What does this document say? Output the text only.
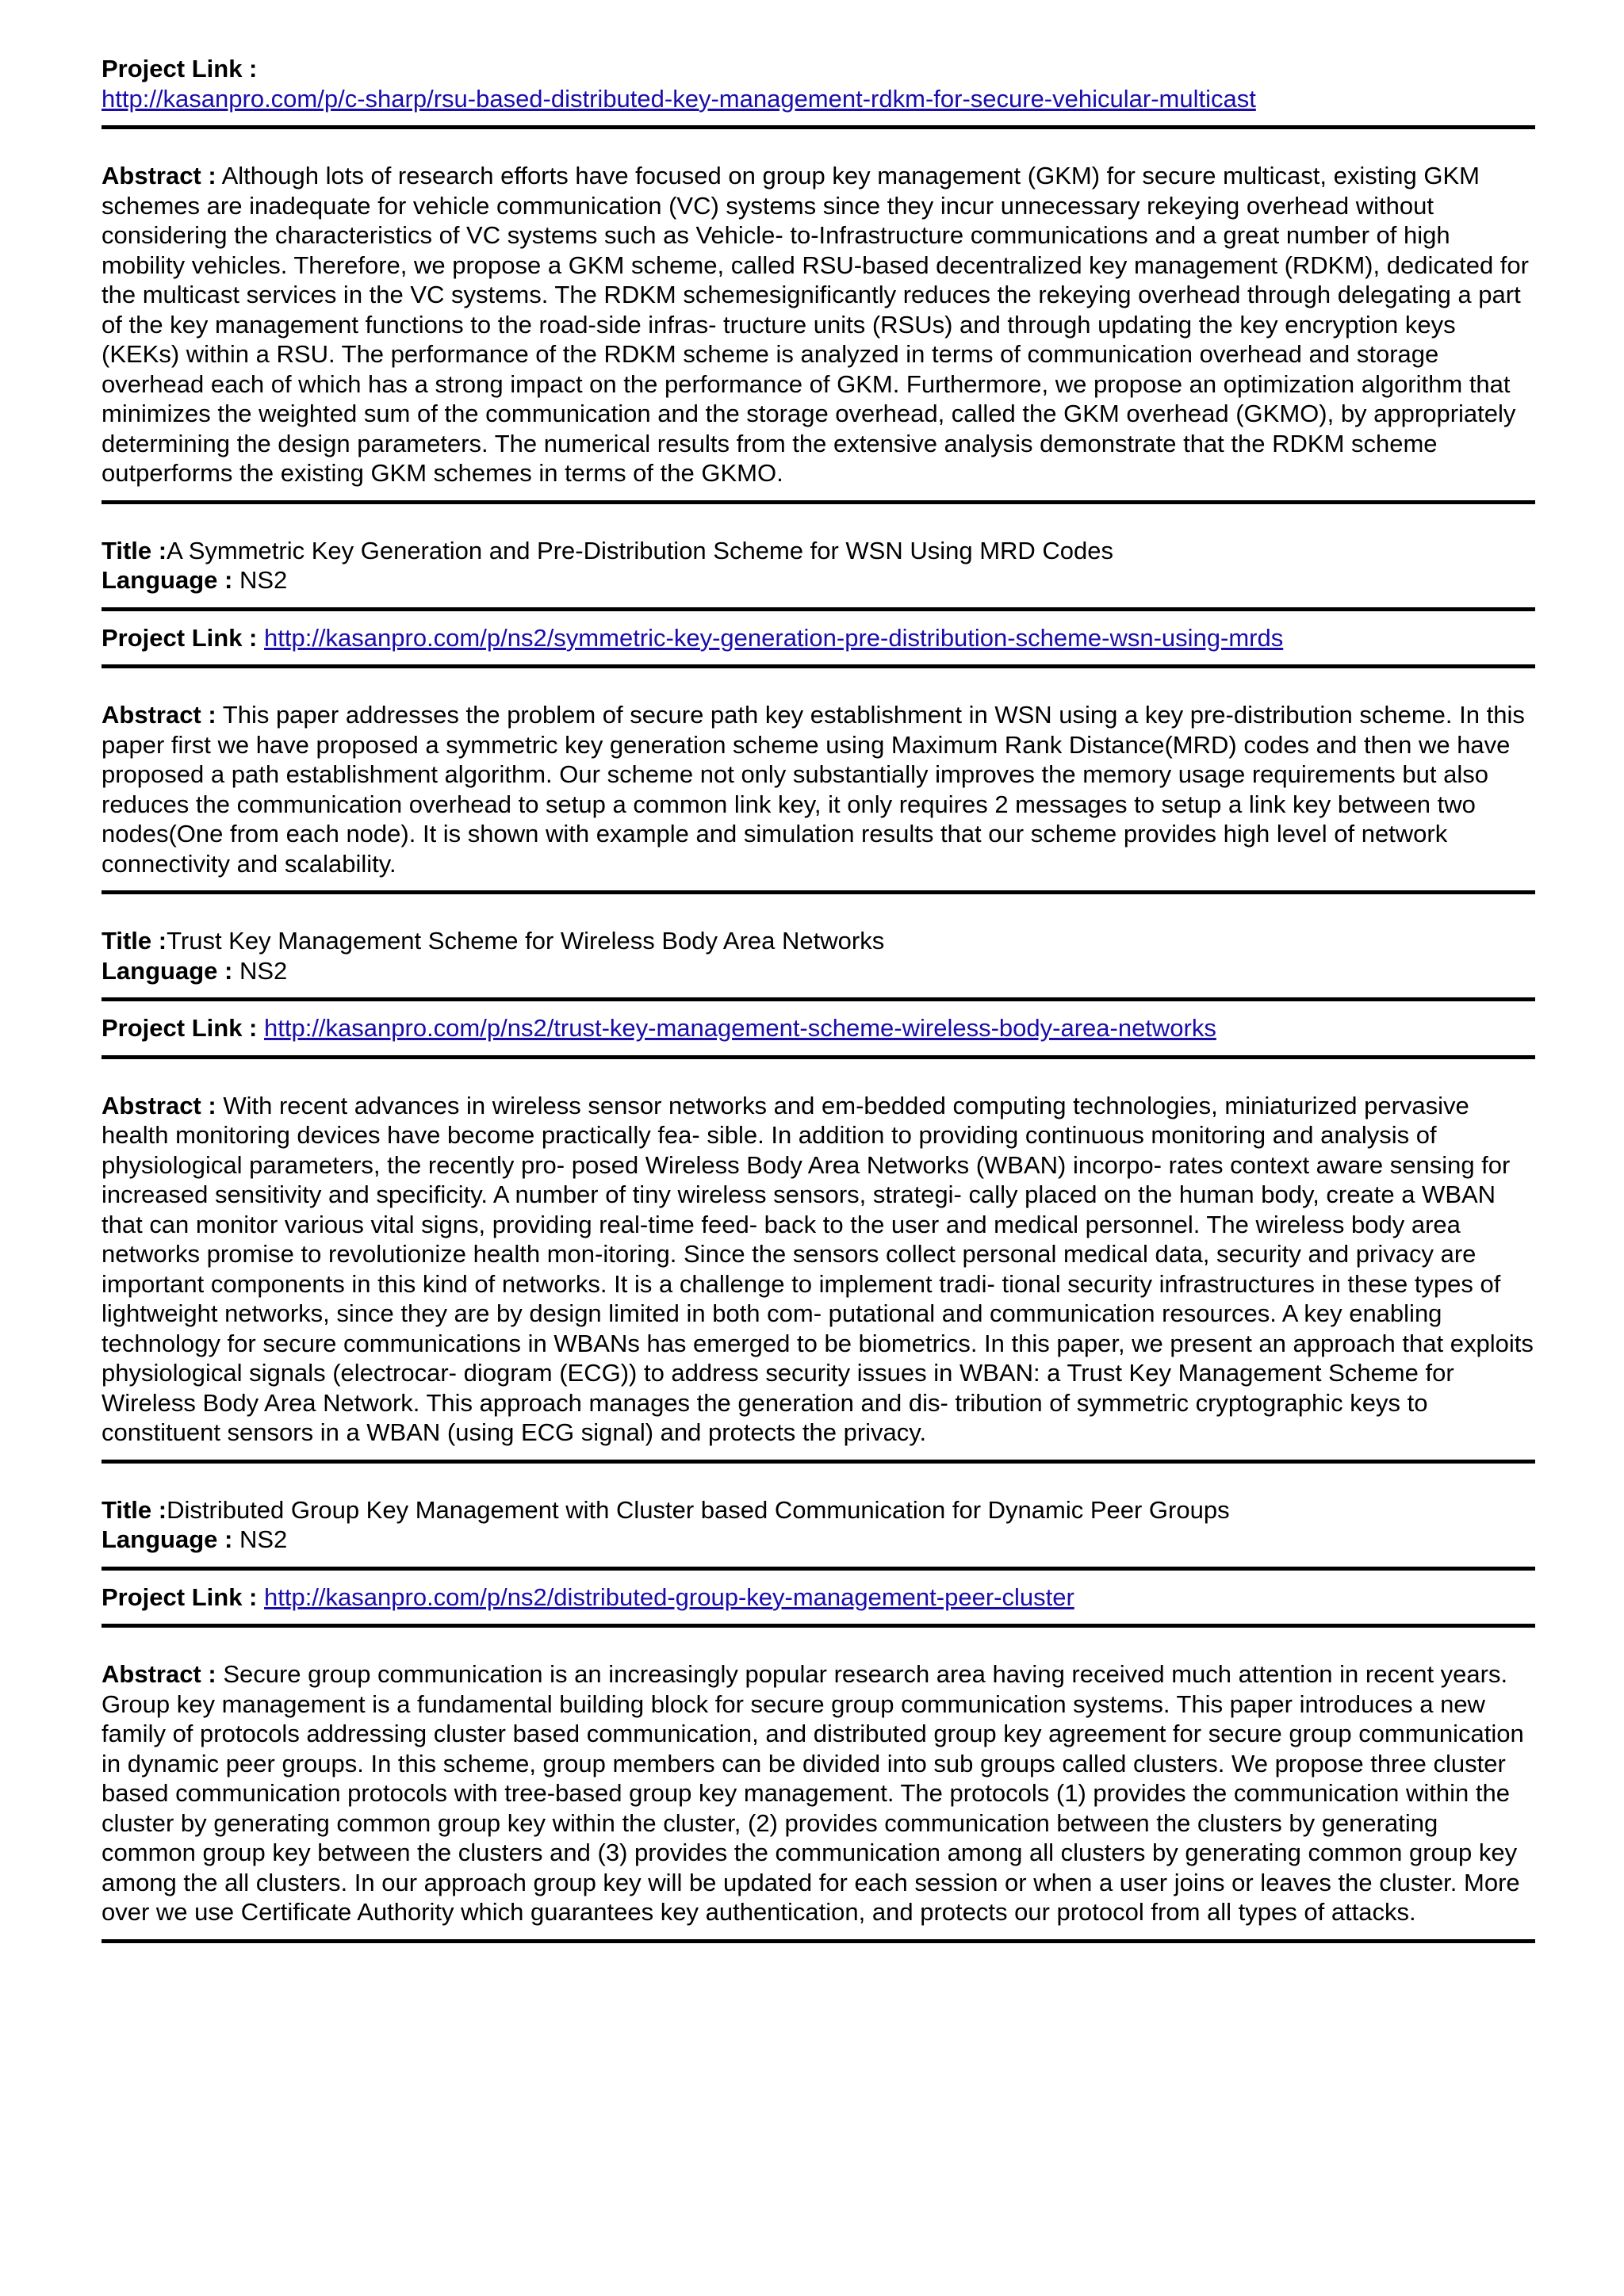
Project Link :
http://kasanpro.com/p/c-sharp/rsu-based-distributed-key-management-rdkm-for-secure-vehicular-multicast

Abstract : Although lots of research efforts have focused on group key management (GKM) for secure multicast, existing GKM schemes are inadequate for vehicle communication (VC) systems since they incur unnecessary rekeying overhead without considering the characteristics of VC systems such as Vehicle- to-Infrastructure communications and a great number of high mobility vehicles. Therefore, we propose a GKM scheme, called RSU-based decentralized key management (RDKM), dedicated for the multicast services in the VC systems. The RDKM schemesignificantly reduces the rekeying overhead through delegating a part of the key management functions to the road-side infras- tructure units (RSUs) and through updating the key encryption keys (KEKs) within a RSU. The performance of the RDKM scheme is analyzed in terms of communication overhead and storage overhead each of which has a strong impact on the performance of GKM. Furthermore, we propose an optimization algorithm that minimizes the weighted sum of the communication and the storage overhead, called the GKM overhead (GKMO), by appropriately determining the design parameters. The numerical results from the extensive analysis demonstrate that the RDKM scheme outperforms the existing GKM schemes in terms of the GKMO.

Title :A Symmetric Key Generation and Pre-Distribution Scheme for WSN Using MRD Codes
Language : NS2

Project Link : http://kasanpro.com/p/ns2/symmetric-key-generation-pre-distribution-scheme-wsn-using-mrds

Abstract : This paper addresses the problem of secure path key establishment in WSN using a key pre-distribution scheme. In this paper first we have proposed a symmetric key generation scheme using Maximum Rank Distance(MRD) codes and then we have proposed a path establishment algorithm. Our scheme not only substantially improves the memory usage requirements but also reduces the communication overhead to setup a common link key, it only requires 2 messages to setup a link key between two nodes(One from each node). It is shown with example and simulation results that our scheme provides high level of network connectivity and scalability.

Title :Trust Key Management Scheme for Wireless Body Area Networks
Language : NS2

Project Link : http://kasanpro.com/p/ns2/trust-key-management-scheme-wireless-body-area-networks

Abstract : With recent advances in wireless sensor networks and em-bedded computing technologies, miniaturized pervasive health monitoring devices have become practically fea- sible. In addition to providing continuous monitoring and analysis of physiological parameters, the recently pro- posed Wireless Body Area Networks (WBAN) incorpo- rates context aware sensing for increased sensitivity and specificity. A number of tiny wireless sensors, strategi- cally placed on the human body, create a WBAN that can monitor various vital signs, providing real-time feed- back to the user and medical personnel. The wireless body area networks promise to revolutionize health mon-itoring. Since the sensors collect personal medical data, security and privacy are important components in this kind of networks. It is a challenge to implement tradi- tional security infrastructures in these types of lightweight networks, since they are by design limited in both com- putational and communication resources. A key enabling technology for secure communications in WBANs has emerged to be biometrics. In this paper, we present an approach that exploits physiological signals (electrocar- diogram (ECG)) to address security issues in WBAN: a Trust Key Management Scheme for Wireless Body Area Network. This approach manages the generation and dis- tribution of symmetric cryptographic keys to constituent sensors in a WBAN (using ECG signal) and protects the privacy.

Title :Distributed Group Key Management with Cluster based Communication for Dynamic Peer Groups
Language : NS2

Project Link : http://kasanpro.com/p/ns2/distributed-group-key-management-peer-cluster

Abstract : Secure group communication is an increasingly popular research area having received much attention in recent years. Group key management is a fundamental building block for secure group communication systems. This paper introduces a new family of protocols addressing cluster based communication, and distributed group key agreement for secure group communication in dynamic peer groups. In this scheme, group members can be divided into sub groups called clusters. We propose three cluster based communication protocols with tree-based group key management. The protocols (1) provides the communication within the cluster by generating common group key within the cluster, (2) provides communication between the clusters by generating common group key between the clusters and (3) provides the communication among all clusters by generating common group key among the all clusters. In our approach group key will be updated for each session or when a user joins or leaves the cluster. More over we use Certificate Authority which guarantees key authentication, and protects our protocol from all types of attacks.
